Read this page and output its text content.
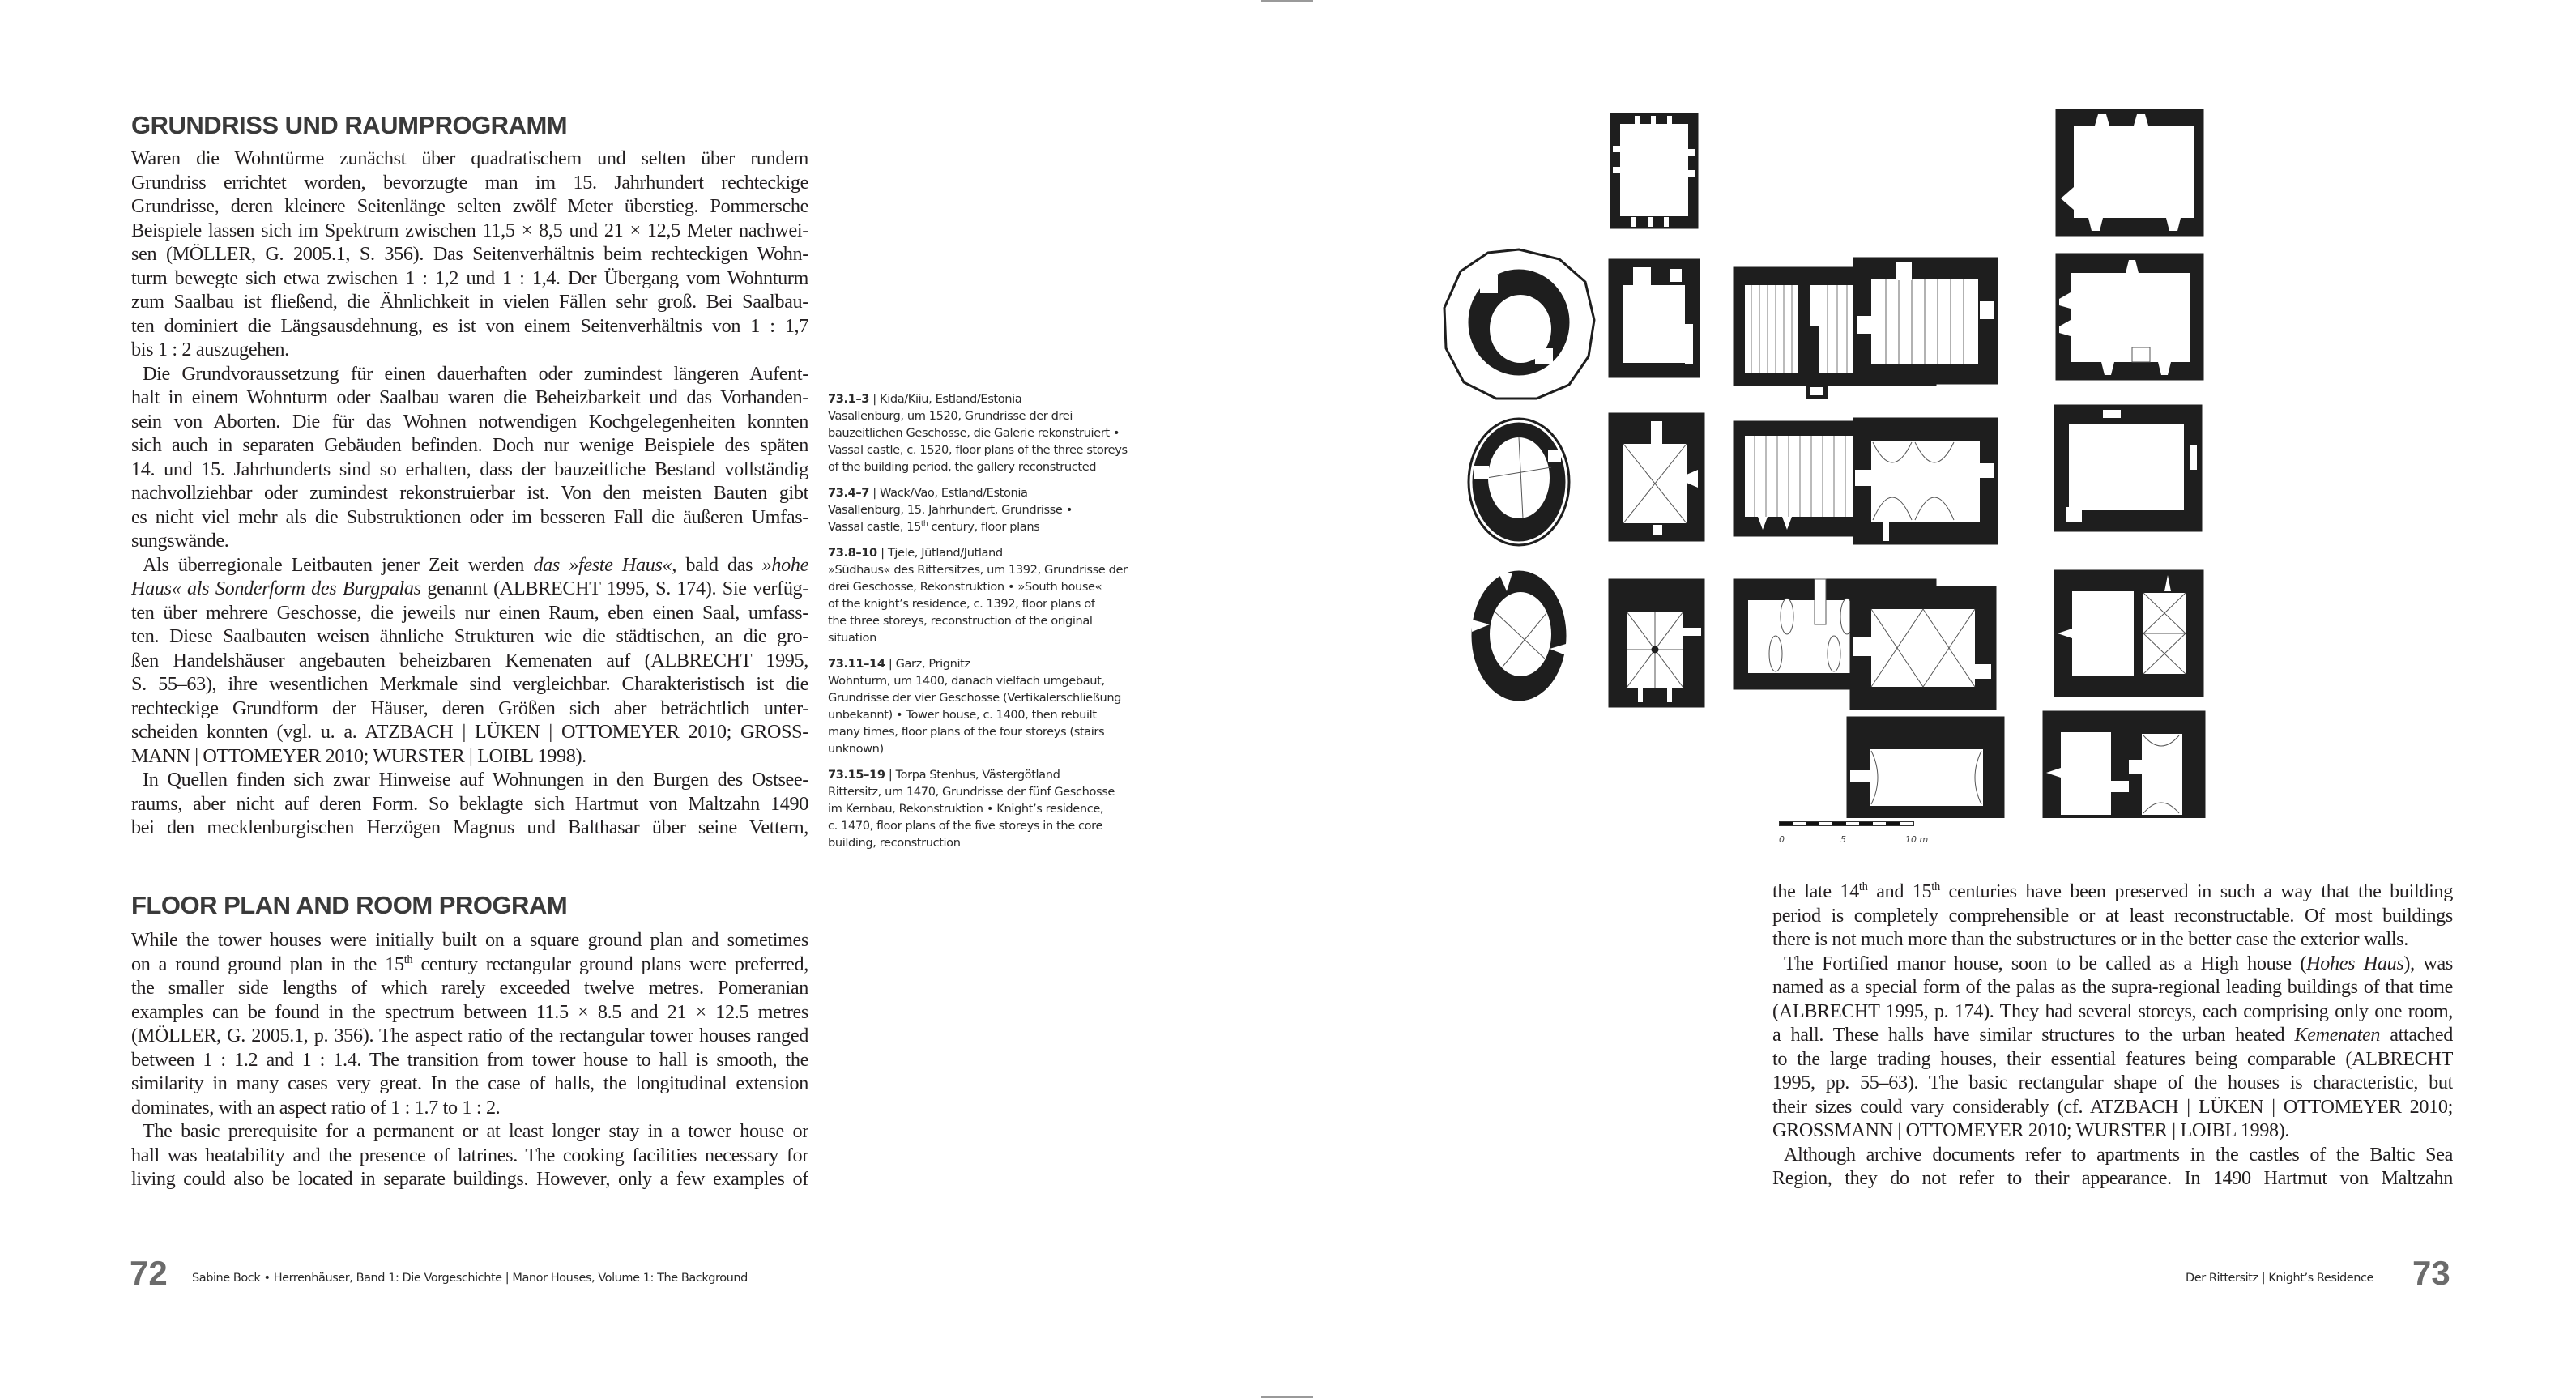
GRUNDRISS UND RAUMPROGRAMM
Waren die Wohntürme zunächst über quadratischem und selten über rundem
Grundriss errichtet worden, bevorzugte man im 15. Jahrhundert rechteckige
Grundrisse, deren kleinere Seitenlänge selten zwölf Meter überstieg. Pommersche
Beispiele lassen sich im Spektrum zwischen 11,5 × 8,5 und 21 × 12,5 Meter nachwei-
sen (MÖLLER, G. 2005.1, S. 356). Das Seitenverhältnis beim rechteckigen Wohn-
turm bewegte sich etwa zwischen 1 : 1,2 und 1 : 1,4. Der Übergang vom Wohnturm
zum Saalbau ist fließend, die Ähnlichkeit in vielen Fällen sehr groß. Bei Saalbau-
ten dominiert die Längsausdehnung, es ist von einem Seitenverhältnis von 1 : 1,7
bis 1 : 2 auszugehen.
Die Grundvoraussetzung für einen dauerhaften oder zumindest längeren Aufent-
halt in einem Wohnturm oder Saalbau waren die Beheizbarkeit und das Vorhanden-
sein von Aborten. Die für das Wohnen notwendigen Kochgelegenheiten konnten
sich auch in separaten Gebäuden befinden. Doch nur wenige Beispiele des späten
14. und 15. Jahrhunderts sind so erhalten, dass der bauzeitliche Bestand vollständig
nachvollziehbar oder zumindest rekonstruierbar ist. Von den meisten Bauten gibt
es nicht viel mehr als die Substruktionen oder im besseren Fall die äußeren Umfas-
sungswände.
Als überregionale Leitbauten jener Zeit werden das »feste Haus«, bald das »hohe
Haus« als Sonderform des Burgpalas genannt (ALBRECHT 1995, S. 174). Sie verfüg-
ten über mehrere Geschosse, die jeweils nur einen Raum, eben einen Saal, umfass-
ten. Diese Saalbauten weisen ähnliche Strukturen wie die städtischen, an die gro-
ßen Handelshäuser angebauten beheizbaren Kemenaten auf (ALBRECHT 1995,
S. 55–63), ihre wesentlichen Merkmale sind vergleichbar. Charakteristisch ist die
rechteckige Grundform der Häuser, deren Größen sich aber beträchtlich unter-
scheiden konnten (vgl. u. a. ATZBACH | LÜKEN | OTTOMEYER 2010; GROSS-
MANN | OTTOMEYER 2010; WURSTER | LOIBL 1998).
In Quellen finden sich zwar Hinweise auf Wohnungen in den Burgen des Ostsee-
raums, aber nicht auf deren Form. So beklagte sich Hartmut von Maltzahn 1490
bei den mecklenburgischen Herzögen Magnus und Balthasar über seine Vettern,
FLOOR PLAN AND ROOM PROGRAM
While the tower houses were initially built on a square ground plan and sometimes
on a round ground plan in the 15th century rectangular ground plans were preferred,
the smaller side lengths of which rarely exceeded twelve metres. Pomeranian
examples can be found in the spectrum between 11.5 × 8.5 and 21 × 12.5 metres
(MÖLLER, G. 2005.1, p. 356). The aspect ratio of the rectangular tower houses ranged
between 1 : 1.2 and 1 : 1.4. The transition from tower house to hall is smooth, the
similarity in many cases very great. In the case of halls, the longitudinal extension
dominates, with an aspect ratio of 1 : 1.7 to 1 : 2.
The basic prerequisite for a permanent or at least longer stay in a tower house or
hall was heatability and the presence of latrines. The cooking facilities necessary for
living could also be located in separate buildings. However, only a few examples of
73.1–3 | Kida/Kiiu, Estland/Estonia
Vasallenburg, um 1520, Grundrisse der drei
bauzeitlichen Geschosse, die Galerie rekonstruiert •
Vassal castle, c. 1520, floor plans of the three storeys
of the building period, the gallery reconstructed
73.4–7 | Wack/Vao, Estland/Estonia
Vasallenburg, 15. Jahrhundert, Grundrisse •
Vassal castle, 15th century, floor plans
73.8–10 | Tjele, Jütland/Jutland
»Südhaus« des Rittersitzes, um 1392, Grundrisse der
drei Geschosse, Rekonstruktion • »South house«
of the knight’s residence, c. 1392, floor plans of
the three storeys, reconstruction of the original
situation
73.11–14 | Garz, Prignitz
Wohnturm, um 1400, danach vielfach umgebaut,
Grundrisse der vier Geschosse (Vertikalerschließung
unbekannt) • Tower house, c. 1400, then rebuilt
many times, floor plans of the four storeys (stairs
unknown)
73.15–19 | Torpa Stenhus, Västergötland
Rittersitz, um 1470, Grundrisse der fünf Geschosse
im Kernbau, Rekonstruktion • Knight’s residence,
c. 1470, floor plans of the five storeys in the core
building, reconstruction	0	5	10 m
the late 14th and 15th centuries have been preserved in such a way that the building
period is completely comprehensible or at least reconstructable. Of most buildings
there is not much more than the substructures or in the better case the exterior walls.
The Fortified manor house, soon to be called as a High house (Hohes Haus), was
named as a special form of the palas as the supra-regional leading buildings of that time
(ALBRECHT 1995, p. 174). They had several storeys, each comprising only one room,
a hall. These halls have similar structures to the urban heated Kemenaten attached
to the large trading houses, their essential features being comparable (ALBRECHT
1995, pp. 55–63). The basic rectangular shape of the houses is characteristic, but
their sizes could vary considerably (cf. ATZBACH | LÜKEN | OTTOMEYER 2010;
GROSSMANN | OTTOMEYER 2010; WURSTER | LOIBL 1998).
Although archive documents refer to apartments in the castles of the Baltic Sea
Region, they do not refer to their appearance. In 1490 Hartmut von Maltzahn
72 Sabine Bock • Herrenhäuser, Band 1: Die Vorgeschichte | Manor Houses, Volume 1: The Background	Der Rittersitz | Knight’s Residence 73
